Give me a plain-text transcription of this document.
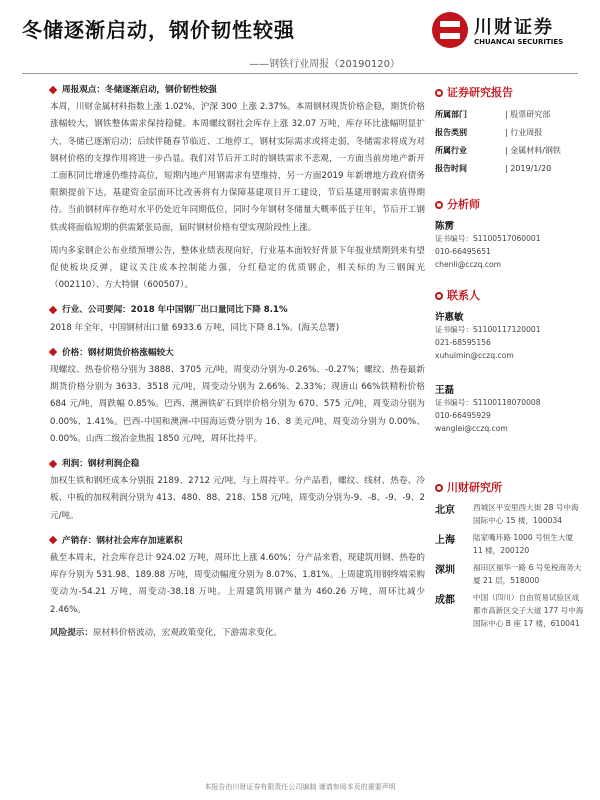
冬储逐渐启动，钢价韧性较强
——钢铁行业周报（20190120）
川财证券
CHUANCAI SECURITIES
周报观点：冬储逐渐启动，钢价韧性较强

本周，川财金属材料指数上涨 1.02%，沪深 300 上涨 2.37%。本周钢材现货价格企稳，期货价格涨幅较大，钢铁整体需求保持稳健。本周螺纹钢社会库存上涨 32.07 万吨，库存环比涨幅明显扩大，冬储已逐渐启动；后续伴随春节临近、工地停工，钢材实际需求或将走弱，冬储需求将成为对钢材价格的支撑作用将进一步凸显。我们对节后开工时的钢铁需求不悲观，一方面当前房地产新开工面积同比增速仍维持高位，短期内地产用钢需求有望维持，另一方面2019 年新增地方政府债务限额提前下达，基建资金层面环比改善将有力保障基建项目开工建设，节后基建用钢需求值得期待。当前钢材库存绝对水平仍处近年同期低位，同时今年钢材冬储量大概率低于往年，节后开工钢铁或将面临短期的供需紧张局面，届时钢材价格有望实现阶段性上涨。

周内多家钢企公布业绩预增公告，整体业绩表现向好，行业基本面较好背景下年报业绩期到来有望促使板块反弹，建议关注成本控制能力强，分红稳定的优质钢企，相关标的为三钢闽光（002110）、方大特钢（600507）。

行业、公司要闻：2018 年中国钢厂出口量同比下降 8.1%

2018 年全年，中国钢材出口量 6933.6 万吨，同比下降 8.1%。(海关总署)

价格：钢材期货价格涨幅较大

现螺纹、热卷价格分别为 3888、3705 元/吨，周变动分别为-0.26%、-0.27%；螺纹、热卷最新期货价格分别为 3633、3518 元/吨，周变动分别为 2.66%、2.33%；现唐山 66%铁精粉价格 684 元/吨，周跌幅 0.85%。巴西、澳洲铁矿石到岸价格分别为 670、575 元/吨，周变动分别为 0.00%、1.41%。巴西-中国和澳洲-中国海运费分别为 16、8 美元/吨，周变动分别为 0.00%、0.00%。山西二级冶金焦报 1850 元/吨，周环比持平。

利润：钢材利润企稳

加权生铁和钢坯成本分别报 2189、2712 元/吨，与上周持平。分产品看，螺纹、线材、热卷、冷板、中板的加权利润分别为 413、480、88、218、158 元/吨，周变动分别为-9、-8、-9、-9、2 元/吨。

产销存：钢材社会库存加速累积

截至本周末，社会库存总计 924.02 万吨，周环比上涨 4.60%；分产品来看，现建筑用钢、热卷的库存分别为 531.98、189.88 万吨，周变动幅度分别为 8.07%、1.81%。上周建筑用钢终端采购变动为-54.21 万吨，周变动-38.18 万吨。上周建筑用钢产量为 460.26 万吨，周环比减少 2.46%。

风险提示：原材料价格波动，宏观政策变化，下游需求变化。

证券研究报告
所属部门	| 股票研究部
报告类别	| 行业周报
所属行业	| 金属材料/钢铁
报告时间	| 2019/1/20
分析师
陈雳
证书编号：S1100517060001
010-66495651
chenli@cczq.com
联系人
许惠敏
证书编号：S1100117120001
021-68595156
xuhuimin@cczq.com
王磊
证书编号：S1100118070008
010-66495929
wanglei@cczq.com
川财研究所
北京	西城区平安里西大街 28 号中海国际中心 15 楼，100034
上海	陆家嘴环路 1000 号恒生大厦 11 楼，200120
深圳	福田区福华一路 6 号免税商务大厦 21 层，518000
成都	中国（四川）自由贸易试验区成都市高新区交子大道 177 号中海国际中心 B 座 17 楼，610041
本报告由川财证券有限责任公司编制 谨请参阅本页的重要声明
